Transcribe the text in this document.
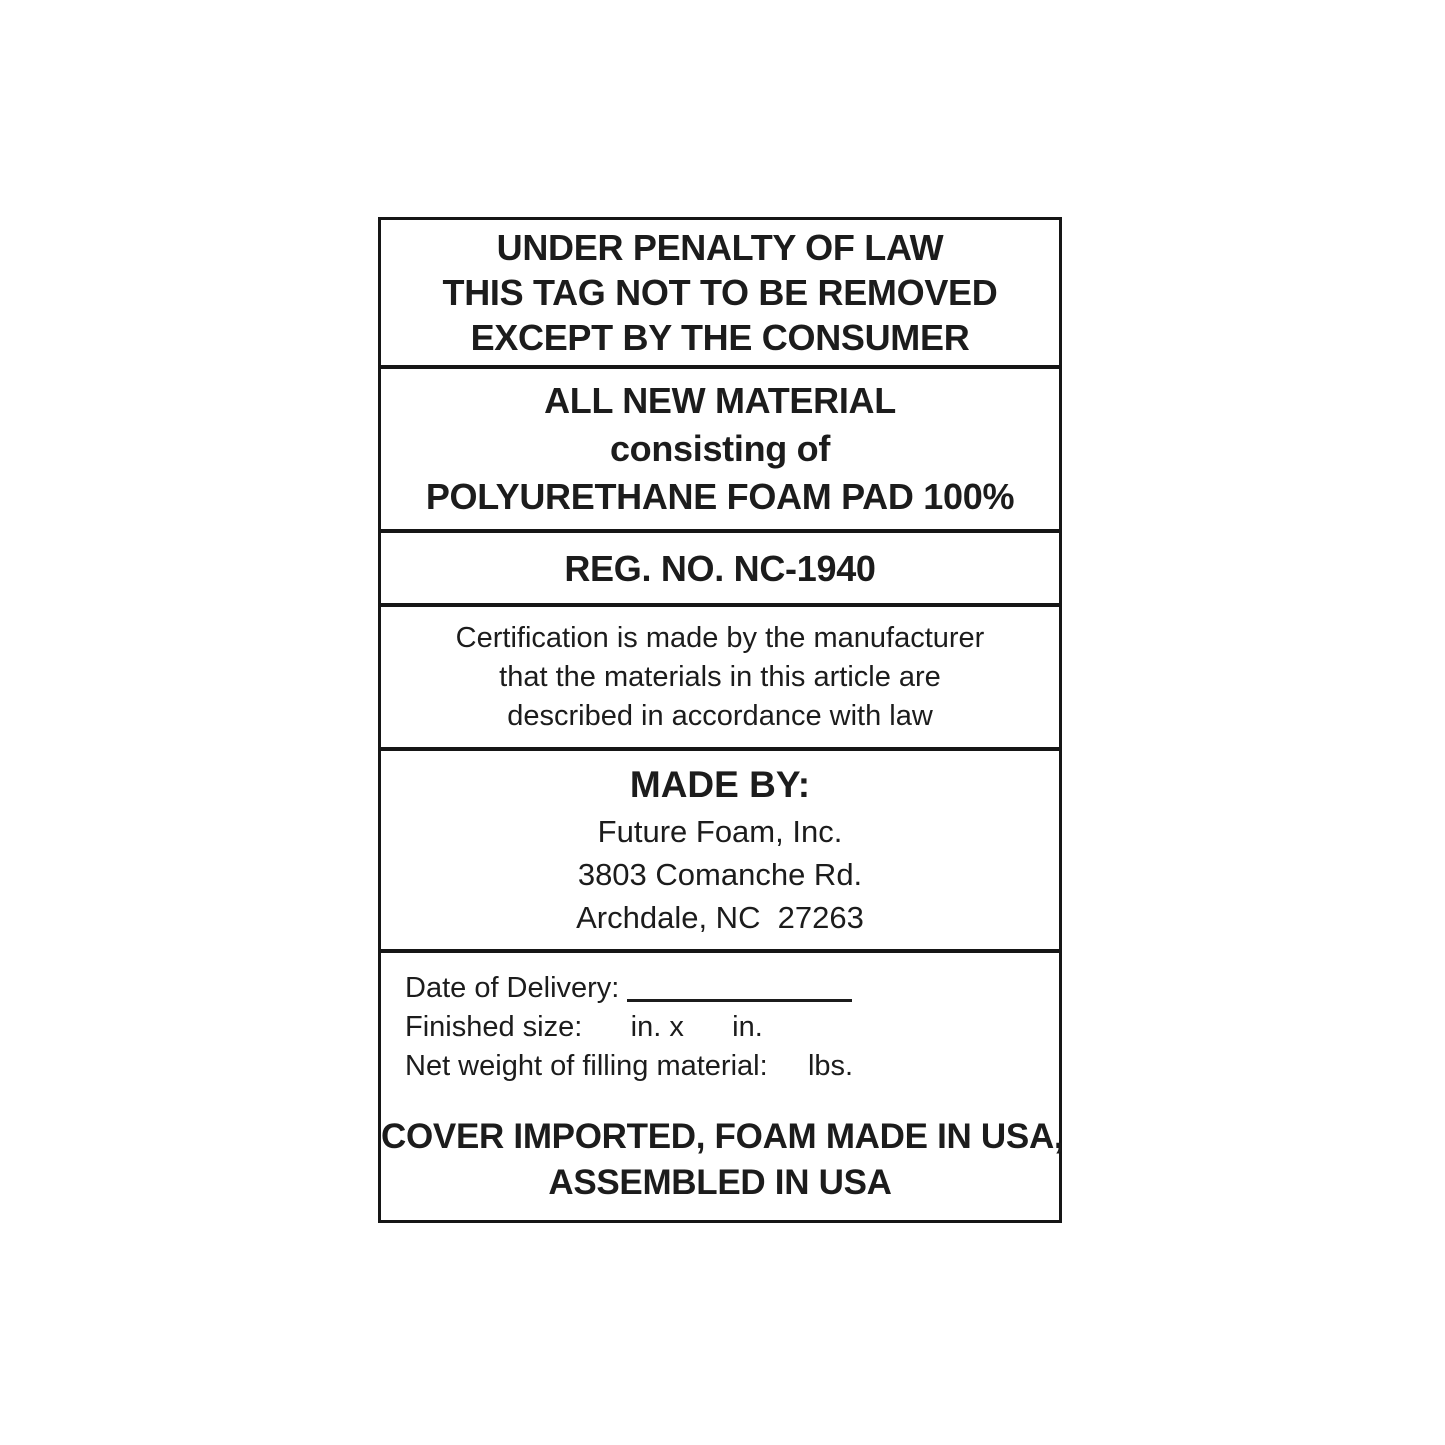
UNDER PENALTY OF LAW
THIS TAG NOT TO BE REMOVED
EXCEPT BY THE CONSUMER
ALL NEW MATERIAL
consisting of
POLYURETHANE FOAM PAD 100%
REG. NO. NC-1940
Certification is made by the manufacturer
that the materials in this article are
described in accordance with law
MADE BY:
Future Foam, Inc.
3803 Comanche Rd.
Archdale, NC  27263
Date of Delivery:
Finished size:      in. x      in.
Net weight of filling material:     lbs.
COVER IMPORTED, FOAM MADE IN USA,
ASSEMBLED IN USA
